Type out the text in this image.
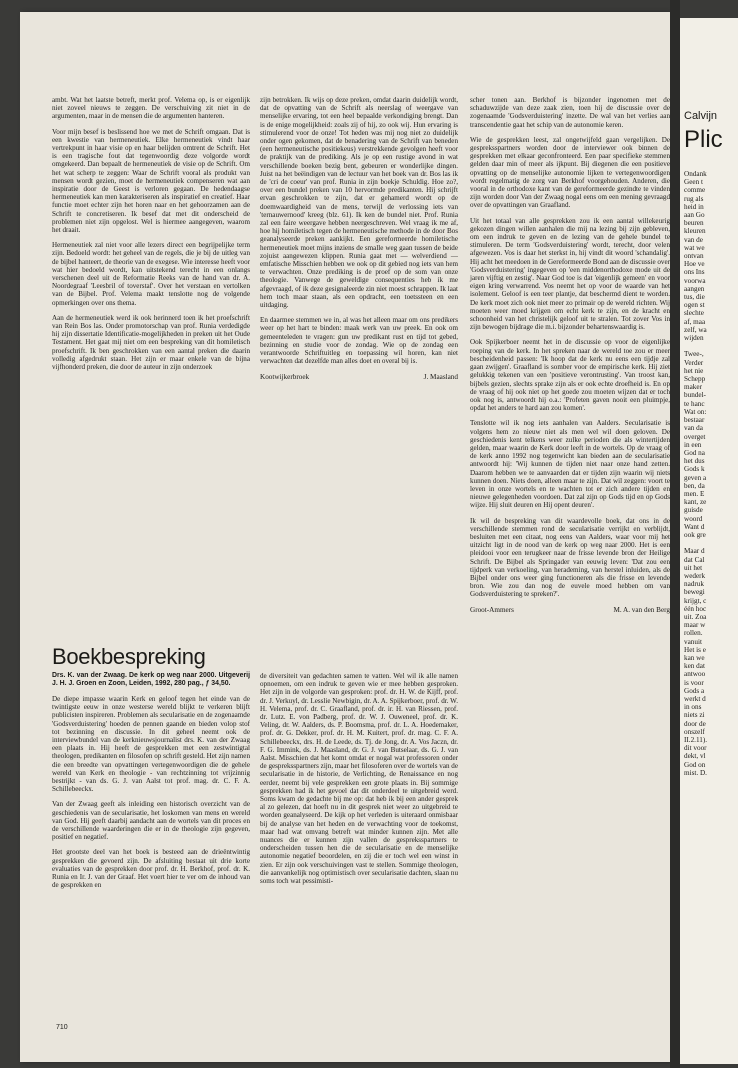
ambt. Wat het laatste betreft, merkt prof. Velema op, is er eigenlijk niet zoveel nieuws te zeggen. De verschuiving zit niet in de argumenten, maar in de mensen die de argumenten hanteren.

Voor mijn besef is beslissend hoe we met de Schrift omgaan. Dat is een kwestie van hermeneutiek. Elke hermeneutiek vindt haar vertrekpunt in haar visie op en haar belijden omtrent de Schrift. Het is een tragische fout dat tegenwoordig deze volgorde wordt omgekeerd. Dan bepaalt de hermeneutiek de visie op de Schrift. Om het wat scherp te zeggen: Waar de Schrift vooral als produkt van mensen wordt gezien, moet de hermeneutiek compenseren wat aan inspiratie door de Geest is verloren gegaan. De hedendaagse hermeneutiek kan men karakteriseren als inspiratief en creatief. Haar functie moet echter zijn het horen naar en het gehoorzamen aan de Schrift te concretiseren. Ik besef dat met dit onderscheid de problemen niet zijn opgelost. Wel is hiermee aangegeven, waarom het draait.

Hermeneutiek zal niet voor alle lezers direct een begrijpelijke term zijn. Bedoeld wordt: het geheel van de regels, die je bij de uitleg van de bijbel hanteert, de theorie van de exegese. Wie interesse heeft voor wat hier bedoeld wordt, kan uitstekend terecht in een onlangs verschenen deel uit de Reformatie Reeks van de hand van dr. A. Noordegraaf 'Leesbril of toverstaf'. Over het verstaan en vertolken van de Bijbel. Prof. Velema maakt tenslotte nog de volgende opmerkingen over ons thema.

Aan de hermeneutiek werd ik ook herinnerd toen ik het proefschrift van Rein Bos las. Onder promotorschap van prof. Runia verdedigde hij zijn dissertatie Identificatie-mogelijkheden in preken uit het Oude Testament. Het gaat mij niet om een bespreking van dit homiletisch proefschrift. Ik ben geschrokken van een aantal preken die daarin volledig afgedrukt staan. Het zijn er maar enkele van de bijna vijfhonderd preken, die door de auteur in zijn onderzoek

zijn betrokken. Ik wijs op deze preken, omdat daarin duidelijk wordt, dat de opvatting van de Schrift als neerslag of weergave van menselijke ervaring, tot een heel bepaalde verkondiging brengt. Dan is de enige mogelijkheid: zoals zij of hij, zo ook wij. Hun ervaring is stimulerend voor de onze! Tot heden was mij nog niet zo duidelijk onder ogen gekomen, dat de benadering van de Schrift van beneden (een hermeneutische positiekeus) verstrekkende gevolgen heeft voor de praktijk van de prediking. Als je op een rustige avond in wat verschillende boeken bezig bent, gebeuren er wonderlijke dingen. Juist na het beëindigen van de lectuur van het boek van dr. Bos las ik de 'cri de coeur' van prof. Runia in zijn boekje Schuldig. Hoe zo?, over een bundel preken van 10 hervormde predikanten. Hij schrijft ervan geschrokken te zijn, dat er gehamerd wordt op de doemwaardigheid van de mens, terwijl de verlossing iets van 'ternauwernood' kreeg (blz. 61). Ik ken de bundel niet. Prof. Runia zal een faire weergave hebben neergeschreven. Wel vraag ik me af, hoe hij homiletisch tegen de hermeneutische methode in de door Bos geanalyseerde preken aankijkt. Een gereformeerde homiletische hermeneutiek moet mijns inziens de smalle weg gaan tussen de beide zojuist aangewezen klippen. Runia gaat met — welverdiend — emfatische Misschien hebben we ook op dit gebied nog iets van hem te verwachten. Onze prediking is de proef op de som van onze theologie. Vanwege de geweldige consequenties heb ik me afgevraagd, of ik deze gesignaleerde zin niet moest schrappen. Ik laat hem toch maar staan, als een opdracht, een toetssteen en een uitdaging.

En daarmee stemmen we in, al was het alleen maar om ons predikers weer op het hart te binden: maak werk van uw preek. En ook om gemeenteleden te vragen: gun uw predikant rust en tijd tot gebed, bezinning en studie voor de zondag. Wie op de zondag een verantwoorde Schriftuitleg en toepassing wil horen, kan niet verwachten dat dezelfde man alles doet en overal bij is.

Kootwijkerbroek	J. Maasland
Boekbespreking

Drs. K. van der Zwaag. De kerk op weg naar 2000. Uitgeverij J. H. J. Groen en Zoon, Leiden, 1992, 280 pag., ƒ 34,50.

De diepe impasse waarin Kerk en geloof tegen het einde van de twintigste eeuw in onze westerse wereld blijkt te verkeren blijft publicisten inspireren. Problemen als secularisatie en de zogenaamde 'Godsverduistering' hoeden de pennen gaande en bieden volop stof tot bezinning en discussie. In dit geheel neemt ook de interviewbundel van de kerknieuwsjournalist drs. K. van der Zwaag een plaats in. Hij heeft de gesprekken met een zestwintigtal theologen, predikanten en filosofen op schrift gesteld. Het zijn namen die een breedte van opvattingen vertegenwoordigen die de gehele wereld van Kerk en theologie - van rechtzinning tot vrijzinnig bestrijkt - van ds. G. J. van Aalst tot prof. mag. dr. C. F. A. Schillebeeckx.

Van der Zwaag geeft als inleiding een historisch overzicht van de geschiedenis van de secularisatie, het loskomen van mens en wereld van God. Hij geeft daarbij aandacht aan de wortels van dit proces en de verschillende waarderingen die er in de theologie zijn gegeven, positief en negatief.

Het grootste deel van het boek is besteed aan de drieëntwintig gesprekken die gevoerd zijn. De afsluiting bestaat uit drie korte evaluaties van de gesprekken door prof. dr. H. Berkhof, prof. dr. K. Runia en Ir. J. van der Graaf. Het voert hier te ver om de inhoud van de gesprekken en

de diversiteit van gedachten samen te vatten. Wel wil ik alle namen opnoemen, om een indruk te geven wie er mee hebben gesproken. Het zijn in de volgorde van gesproken: prof. dr. H. W. de Kijff, prof. dr. J. Verkuyl, dr. Lesslie Newbigin, dr. A. A. Spijkerboer, prof. dr. W. H. Velema, prof. dr. C. Graafland, prof. dr. ir. H. van Riessen, prof. dr. Lutz. E. von Padberg, prof. dr. W. J. Ouweneel, prof. dr. K. Veling, dr. W. Aalders, ds. P. Boomsma, prof. dr. L. A. Hoedemaker, prof. dr. G. Dekker, prof. dr. H. M. Kuitert, prof. dr. mag. C. F. A. Schillebeeckx, drs. H. de Leede, ds. Tj. de Jong, dr. A. Vos Jaczn, dr. F. G. Immink, ds. J. Maasland, dr. G. J. van Butselaar, ds. G. J. van Aalst. Misschien dat het komt omdat er nogal wat professoren onder de gespreksspartners zijn, maar het filosoferen over de wortels van de secularisatie in de historie, de Verlichting, de Renaissance en nog eerder, neemt bij vele gesprekken een grote plaats in. Bij sommige gesprekken had ik het gevoel dat dit onderdeel te uitgebreid werd. Soms kwam de gedachte bij me op: dat heb ik bij een ander gesprek al zo gelezen, dat hoeft nu in dit gesprek niet weer zo uitgebreid te worden geanalyseerd. De kijk op het verleden is uiteraard onmisbaar bij de analyse van het heden en de verwachting voor de toekomst, maar had wat omvang betreft wat minder kunnen zijn. Met alle nuances die er kunnen zijn vallen de gespreksspartners te onderscheiden tussen hen die de secularisatie en de menselijke autonomie negatief beoordelen, en zij die er toch wel een winst in zien. Er zijn ook verschuivingen vast te stellen. Sommige theologen, die aanvankelijk nog optimistisch over secularisatie dachten, slaan nu soms toch wat pessimisti-

scher tonen aan. Berkhof is bijzonder ingenomen met de schaduwzijde van deze zaak zien, toen hij de discussie over de zogenaamde 'Godsverduistering' inzette. De wal van het verlies aan transcendentie gaat het schip van de autonomie keren.

Wie de gesprekken leest, zal ongetwijfeld gaan vergelijken. De gespreksspartners worden door de interviewer ook binnen de gesprekken met elkaar geconfronteerd. Een paar specifieke stemmen gelden daar min of meer als ijkpunt. Bij diegenen die een positieve opvatting op de menselijke autonomie lijken te vertegenwoordigen wordt regelmatig de zorg van Berkhof voorgehouden. Anderen, die vooral in de orthodoxe kant van de gereformeerde gezindte te vinden zijn worden door Van der Zwaag nogal eens om een mening gevraagd over de opvattingen van Graafland.

Uit het totaal van alle gesprekken zou ik een aantal willekeurig gekozen dingen willen aanhalen die mij na lezing bij zijn gebleven, om een indruk te geven en de lezing van de gehele bundel te stimuleren. De term 'Godsverduistering' wordt, terecht, door velen afgewezen. Vos is daar het sterkst in, hij vindt dit woord 'schandalig'. Hij acht het meedoen in de Gereformeerde Bond aan de discussie over 'Godsverduistering' ingegeven op 'een middenorthodoxe mode uit de jaren vijftig en zestig'. Naar God toe is dat 'eigenlijk gemeen' en voor eigen kring verwarrend. Vos neemt het op voor de waarde van het isolement. Geloof is een teer plantje, dat beschermd dient te worden. De kerk moet zich ook niet meer zo primair op de wereld richten. Wij moeten weer moed krijgen om echt kerk te zijn, en de kracht en schoonheid van het christelijk geloof uit te stralen. Tot zover Vos in zijn bewogen bijdrage die m.i. bijzonder behartenswaardig is.

Ook Spijkerboer neemt het in de discussie op voor de eigenlijke roeping van de kerk. In het spreken naar de wereld toe zou er meer bescheidenheid passen: 'Ik hoop dat de kerk nu eens een tijdje zal gaan zwijgen'. Graafland is somber voor de empirische kerk. Hij ziet gelukkig tekenen van een 'positieve verontrusting'. Van troost kan, bijbels gezien, slechts sprake zijn als er ook echte droefheid is. En op de vraag of hij ook niet op het goede zou moeten wijzen dat er toch ook nog is, antwoordt hij o.a.: 'Profeten gaven nooit een pluimpje, opdat het anders te hard aan zou komen'.

Tenslotte wil ik nog iets aanhalen van Aalders. Secularisatie is volgens hem zo nieuw niet als men wel wil doen geloven. De geschiedenis kent telkens weer zulke perioden die als wintertijden gelden, maar waarin de Kerk door leeft in de wortels. Op de vraag of de kerk anno 1992 nog tegenwicht kan bieden aan de secularisatie antwoordt hij: 'Wij kunnen de tijden niet naar onze hand zetten. Daarom hebben we te aanvaarden dat er tijden zijn waarin wij niets kunnen doen. Niets doen, alleen maar te zijn. Dat wil zeggen: voort te leven in onze wortels en te wachten tot er zich andere tijden en nieuwe gelegenheden voordoen. Dat zal zijn op Gods tijd en op Gods wijze. Hij sluit deuren en Hij opent deuren'.

Ik wil de bespreking van dit waardevolle boek, dat ons in de verschillende stemmen rond de secularisatie verrijkt en verblijdt, besluiten met een citaat, nog eens van Aalders, waar voor mij het uitzicht ligt in de nood van de kerk op weg naar 2000. Het is een pleidooi voor een terugkeer naar de frisse levende bron der Heilige Schrift. De Bijbel als Springader van eeuwig leven: 'Dat zou een tijdperk van verkoeling, van herademing, van herstel inluiden, als de Bijbel onder ons weer ging functioneren als die frisse en levende bron. Wie zou dan nog de euvele moed hebben om van Godsverduistering te spreken?'.

Groot-Ammers	M. A. van den Berg
710
Calvijn
Plic
Ondank
Geen t
comme
rug als
heid in
aan Go
beuren
kleuren
van de
wat we
ontvan
Hoe ve
ons Ins
voorwa
aangen
tus, die
ogen st
slechte
af, maa
zelf, wa
wijden

Twee-,
Verder
het nie
Schepp
maker
bundel-
te hanc
Wat on:
bestaar
van da
overget
in een
God na
het dus
Gods k
geven a
ben, da
men. E
kant, ze
guisde
woord
Want d
ook gre

Maar d
dat Cal
uit het
wederk
nadruk
bewegi
krijgt, c
één hoc
uit. Zoa
maar w
rollen.
vanuit
Het is e
kan we
ken dat
antwoo
is voor
Gods a
werkt d
in ons
niets zi
door de
onszelf
II.2.11).
dit voor
dekt, vl
God on
mist. D.
